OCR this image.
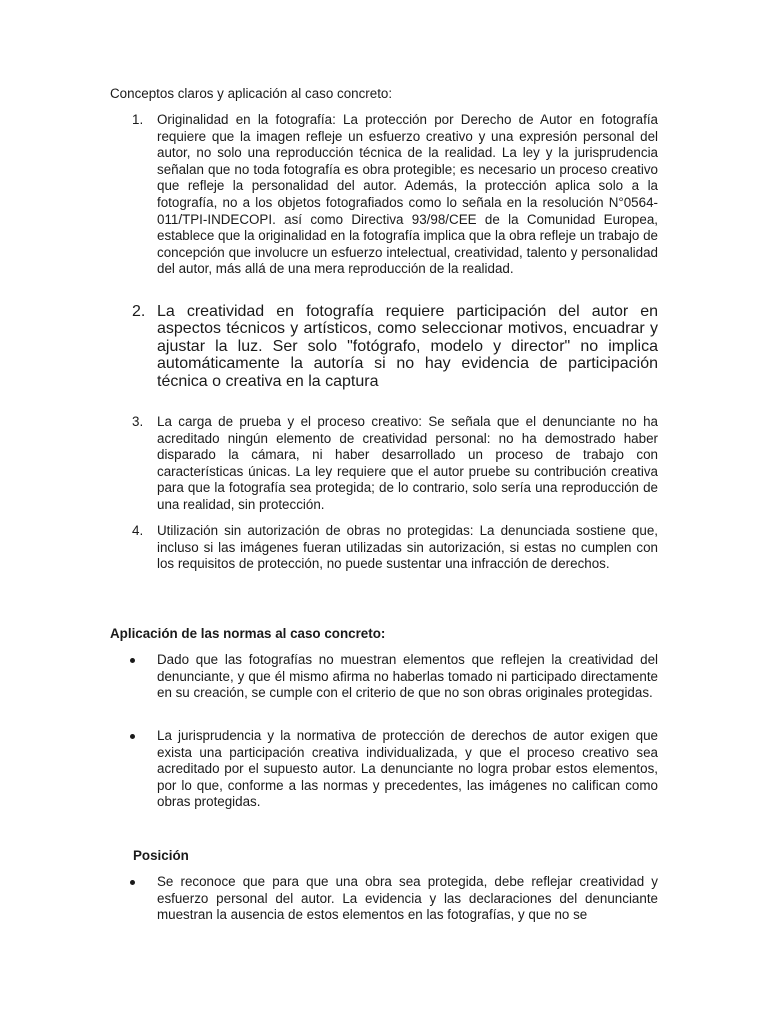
Conceptos claros y aplicación al caso concreto:

1. Originalidad en la fotografía: La protección por Derecho de Autor en fotografía requiere que la imagen refleje un esfuerzo creativo y una expresión personal del autor, no solo una reproducción técnica de la realidad. La ley y la jurisprudencia señalan que no toda fotografía es obra protegible; es necesario un proceso creativo que refleje la personalidad del autor. Además, la protección aplica solo a la fotografía, no a los objetos fotografiados como lo señala en la resolución N°0564-011/TPI-INDECOPI. así como Directiva 93/98/CEE de la Comunidad Europea, establece que la originalidad en la fotografía implica que la obra refleje un trabajo de concepción que involucre un esfuerzo intelectual, creatividad, talento y personalidad del autor, más allá de una mera reproducción de la realidad.
2. La creatividad en fotografía requiere participación del autor en aspectos técnicos y artísticos, como seleccionar motivos, encuadrar y ajustar la luz. Ser solo "fotógrafo, modelo y director" no implica automáticamente la autoría si no hay evidencia de participación técnica o creativa en la captura
3. La carga de prueba y el proceso creativo: Se señala que el denunciante no ha acreditado ningún elemento de creatividad personal: no ha demostrado haber disparado la cámara, ni haber desarrollado un proceso de trabajo con características únicas. La ley requiere que el autor pruebe su contribución creativa para que la fotografía sea protegida; de lo contrario, solo sería una reproducción de una realidad, sin protección.
4. Utilización sin autorización de obras no protegidas: La denunciada sostiene que, incluso si las imágenes fueran utilizadas sin autorización, si estas no cumplen con los requisitos de protección, no puede sustentar una infracción de derechos.

Aplicación de las normas al caso concreto:

Dado que las fotografías no muestran elementos que reflejen la creatividad del denunciante, y que él mismo afirma no haberlas tomado ni participado directamente en su creación, se cumple con el criterio de que no son obras originales protegidas.
La jurisprudencia y la normativa de protección de derechos de autor exigen que exista una participación creativa individualizada, y que el proceso creativo sea acreditado por el supuesto autor. La denunciante no logra probar estos elementos, por lo que, conforme a las normas y precedentes, las imágenes no califican como obras protegidas.

Posición

Se reconoce que para que una obra sea protegida, debe reflejar creatividad y esfuerzo personal del autor. La evidencia y las declaraciones del denunciante muestran la ausencia de estos elementos en las fotografías, y que no se
